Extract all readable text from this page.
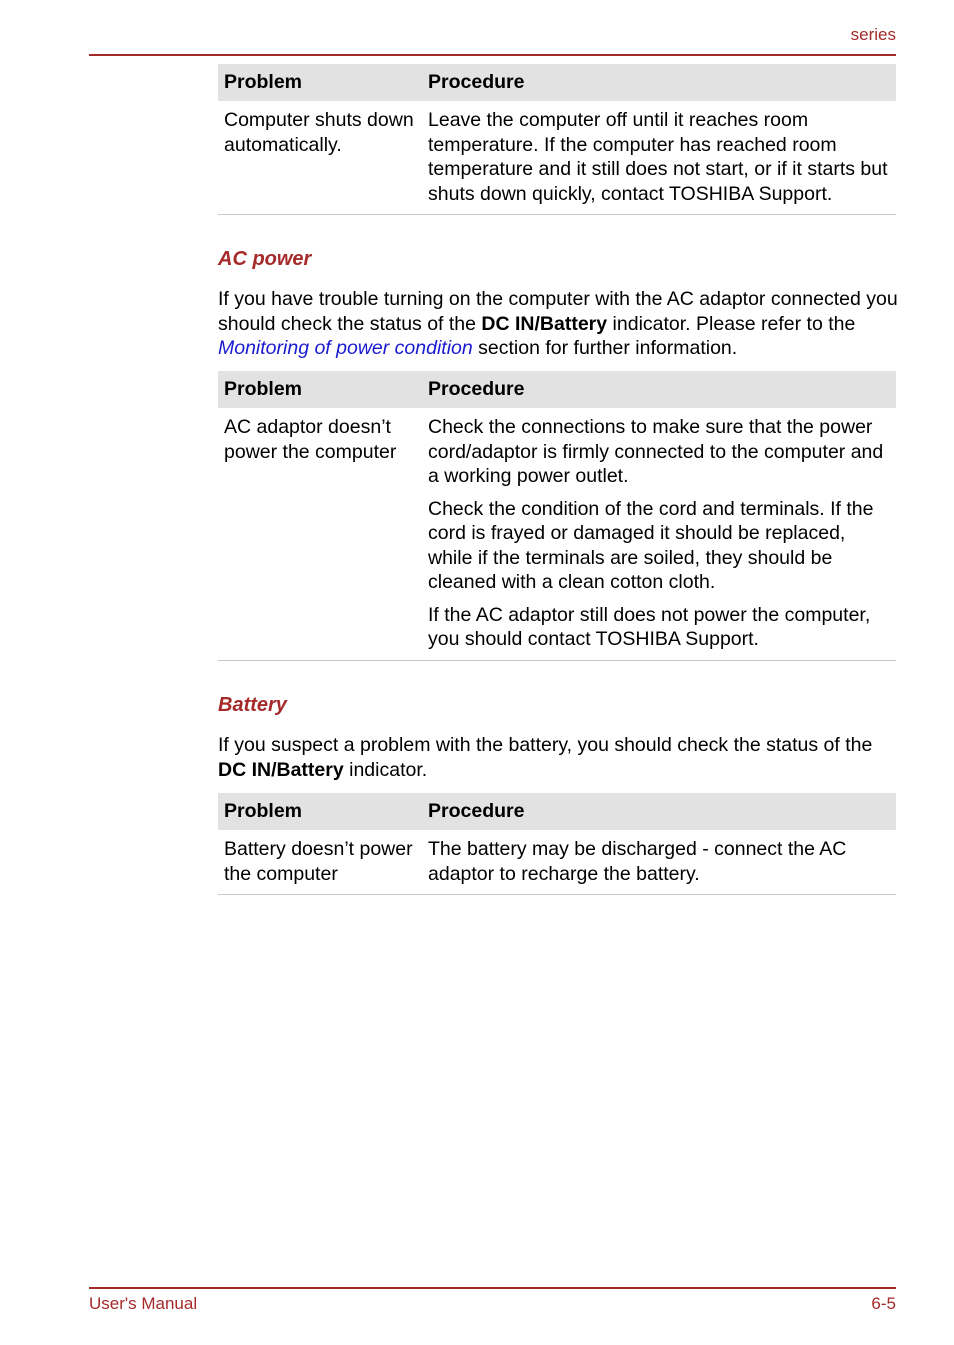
series
Problem	Procedure
Computer shuts down automatically.	Leave the computer off until it reaches room temperature. If the computer has reached room temperature and it still does not start, or if it starts but shuts down quickly, contact TOSHIBA Support.

AC power

If you have trouble turning on the computer with the AC adaptor connected you should check the status of the DC IN/Battery indicator. Please refer to the Monitoring of power condition section for further information.

Problem	Procedure
AC adaptor doesn’t power the computer	Check the connections to make sure that the power cord/adaptor is firmly connected to the computer and a working power outlet.

Check the condition of the cord and terminals. If the cord is frayed or damaged it should be replaced, while if the terminals are soiled, they should be cleaned with a clean cotton cloth.

If the AC adaptor still does not power the computer, you should contact TOSHIBA Support.

Battery

If you suspect a problem with the battery, you should check the status of the DC IN/Battery indicator.

Problem	Procedure
Battery doesn’t power the computer	The battery may be discharged - connect the AC adaptor to recharge the battery.

User's Manual	6-5
